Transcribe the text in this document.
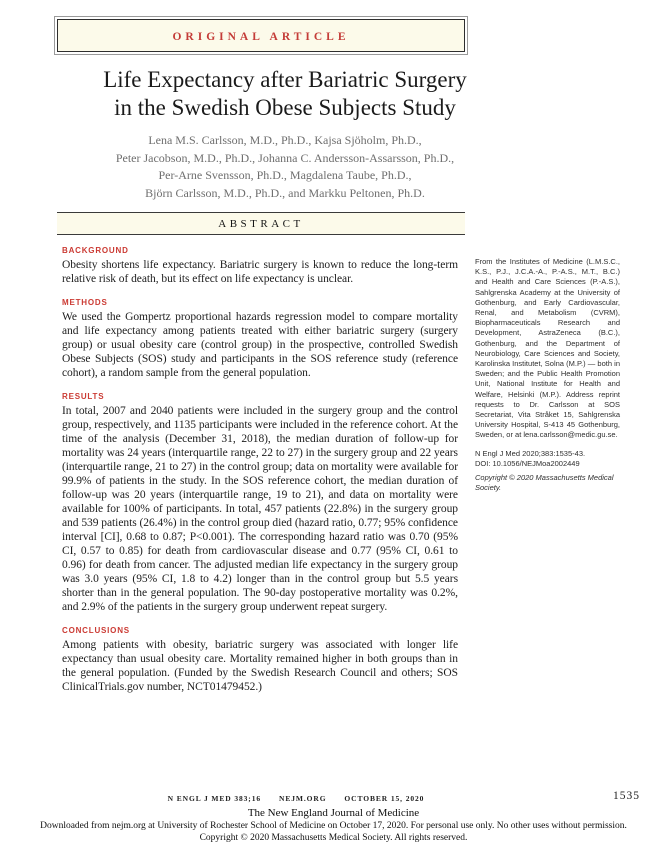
ORIGINAL ARTICLE
Life Expectancy after Bariatric Surgery
in the Swedish Obese Subjects Study
Lena M.S. Carlsson, M.D., Ph.D., Kajsa Sjöholm, Ph.D.,
Peter Jacobson, M.D., Ph.D., Johanna C. Andersson-Assarsson, Ph.D.,
Per-Arne Svensson, Ph.D., Magdalena Taube, Ph.D.,
Björn Carlsson, M.D., Ph.D., and Markku Peltonen, Ph.D.
ABSTRACT

BACKGROUND

Obesity shortens life expectancy. Bariatric surgery is known to reduce the long-term relative risk of death, but its effect on life expectancy is unclear.

METHODS

We used the Gompertz proportional hazards regression model to compare mortality and life expectancy among patients treated with either bariatric surgery (surgery group) or usual obesity care (control group) in the prospective, controlled Swedish Obese Subjects (SOS) study and participants in the SOS reference study (reference cohort), a random sample from the general population.

RESULTS

In total, 2007 and 2040 patients were included in the surgery group and the control group, respectively, and 1135 participants were included in the reference cohort. At the time of the analysis (December 31, 2018), the median duration of follow-up for mortality was 24 years (interquartile range, 22 to 27) in the surgery group and 22 years (interquartile range, 21 to 27) in the control group; data on mortality were available for 99.9% of patients in the study. In the SOS reference cohort, the median duration of follow-up was 20 years (interquartile range, 19 to 21), and data on mortality were available for 100% of participants. In total, 457 patients (22.8%) in the surgery group and 539 patients (26.4%) in the control group died (hazard ratio, 0.77; 95% confidence interval [CI], 0.68 to 0.87; P<0.001). The corresponding hazard ratio was 0.70 (95% CI, 0.57 to 0.85) for death from cardiovascular disease and 0.77 (95% CI, 0.61 to 0.96) for death from cancer. The adjusted median life expectancy in the surgery group was 3.0 years (95% CI, 1.8 to 4.2) longer than in the control group but 5.5 years shorter than in the general population. The 90-day postoperative mortality was 0.2%, and 2.9% of the patients in the surgery group underwent repeat surgery.

CONCLUSIONS

Among patients with obesity, bariatric surgery was associated with longer life expectancy than usual obesity care. Mortality remained higher in both groups than in the general population. (Funded by the Swedish Research Council and others; SOS ClinicalTrials.gov number, NCT01479452.)

From the Institutes of Medicine (L.M.S.C., K.S., P.J., J.C.A.-A., P.-A.S., M.T., B.C.) and Health and Care Sciences (P.-A.S.), Sahlgrenska Academy at the University of Gothenburg, and Early Cardiovascular, Renal, and Metabolism (CVRM), Biopharmaceuticals Research and Development, AstraZeneca (B.C.), Gothenburg, and the Department of Neurobiology, Care Sciences and Society, Karolinska Institutet, Solna (M.P.) — both in Sweden; and the Public Health Promotion Unit, National Institute for Health and Welfare, Helsinki (M.P.). Address reprint requests to Dr. Carlsson at SOS Secretariat, Vita Stråket 15, Sahlgrenska University Hospital, S-413 45 Gothenburg, Sweden, or at lena.carlsson@medic.gu.se.

N Engl J Med 2020;383:1535-43.

DOI: 10.1056/NEJMoa2002449

Copyright © 2020 Massachusetts Medical Society.

N ENGL J MED 383;16 NEJM.ORG OCTOBER 15, 2020	1535

The New England Journal of Medicine

Downloaded from nejm.org at University of Rochester School of Medicine on October 17, 2020. For personal use only. No other uses without permission.

Copyright © 2020 Massachusetts Medical Society. All rights reserved.
